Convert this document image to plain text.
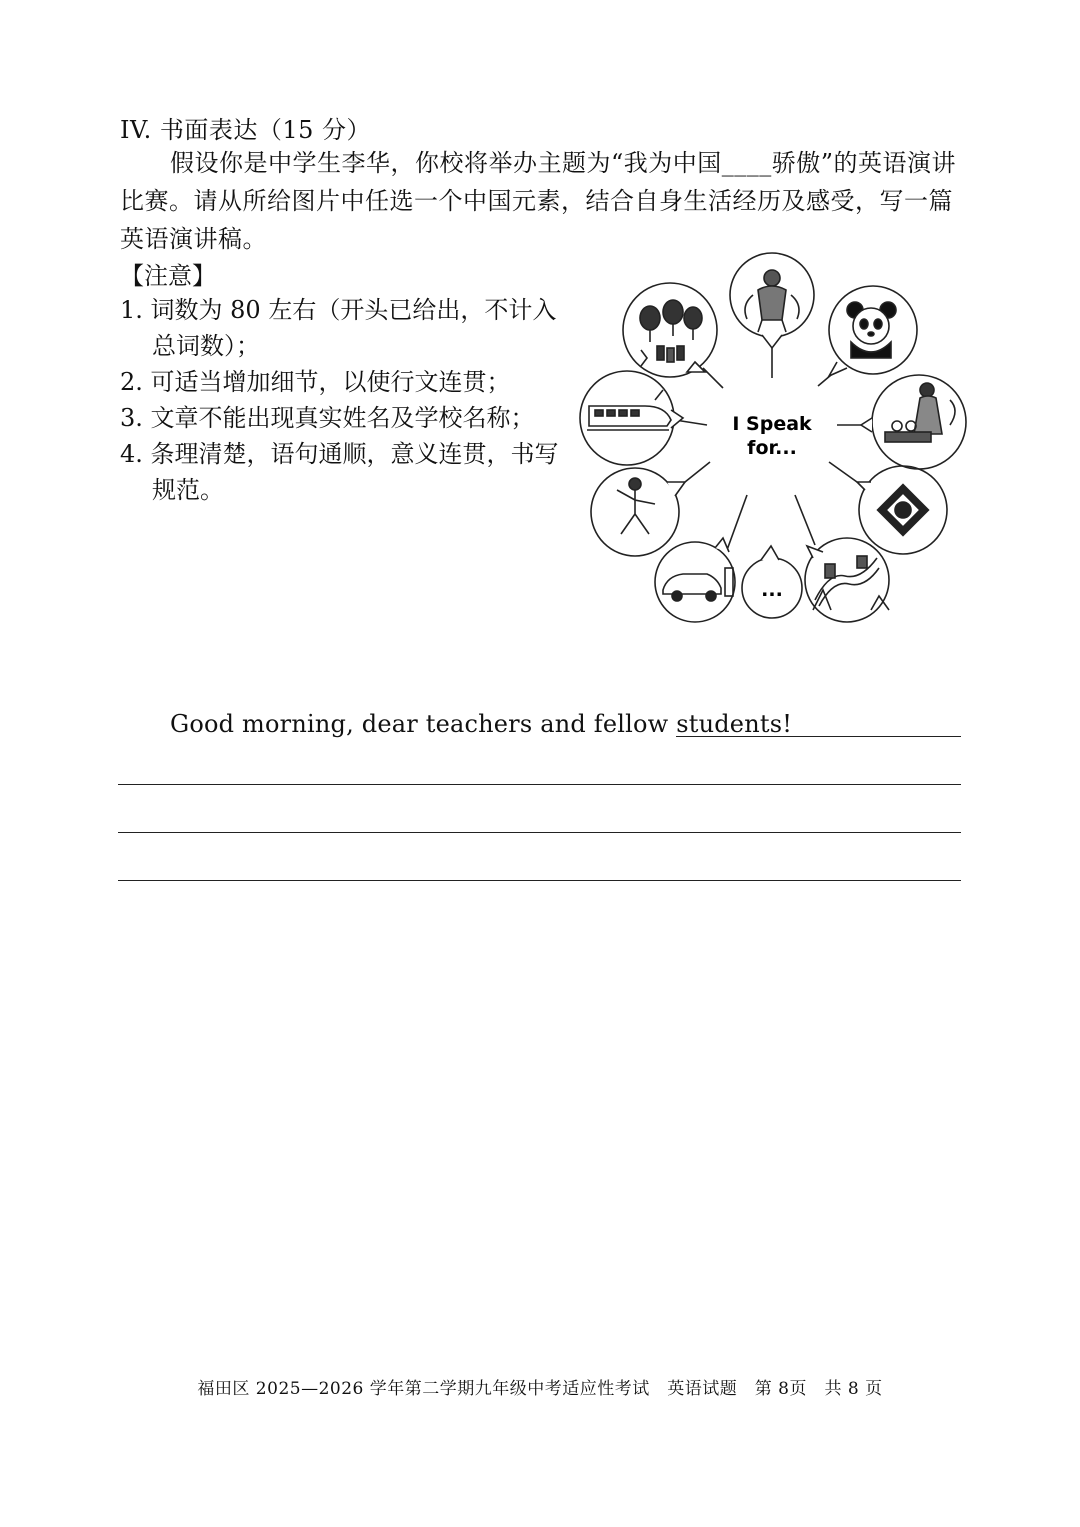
IV. 书面表达（15 分）
假设你是中学生李华，你校将举办主题为“我为中国____骄傲”的英语演讲比赛。请从所给图片中任选一个中国元素，结合自身生活经历及感受，写一篇英语演讲稿。
【注意】
1. 词数为 80 左右（开头已给出，不计入总词数）；
2. 可适当增加细节，以使行文连贯；
3. 文章不能出现真实姓名及学校名称；
4. 条理清楚，语句通顺，意义连贯，书写规范。
...
I Speak
for...
Good morning, dear teachers and fellow students!
福田区 2025—2026 学年第二学期九年级中考适应性考试　英语试题　第 8页　共 8 页
